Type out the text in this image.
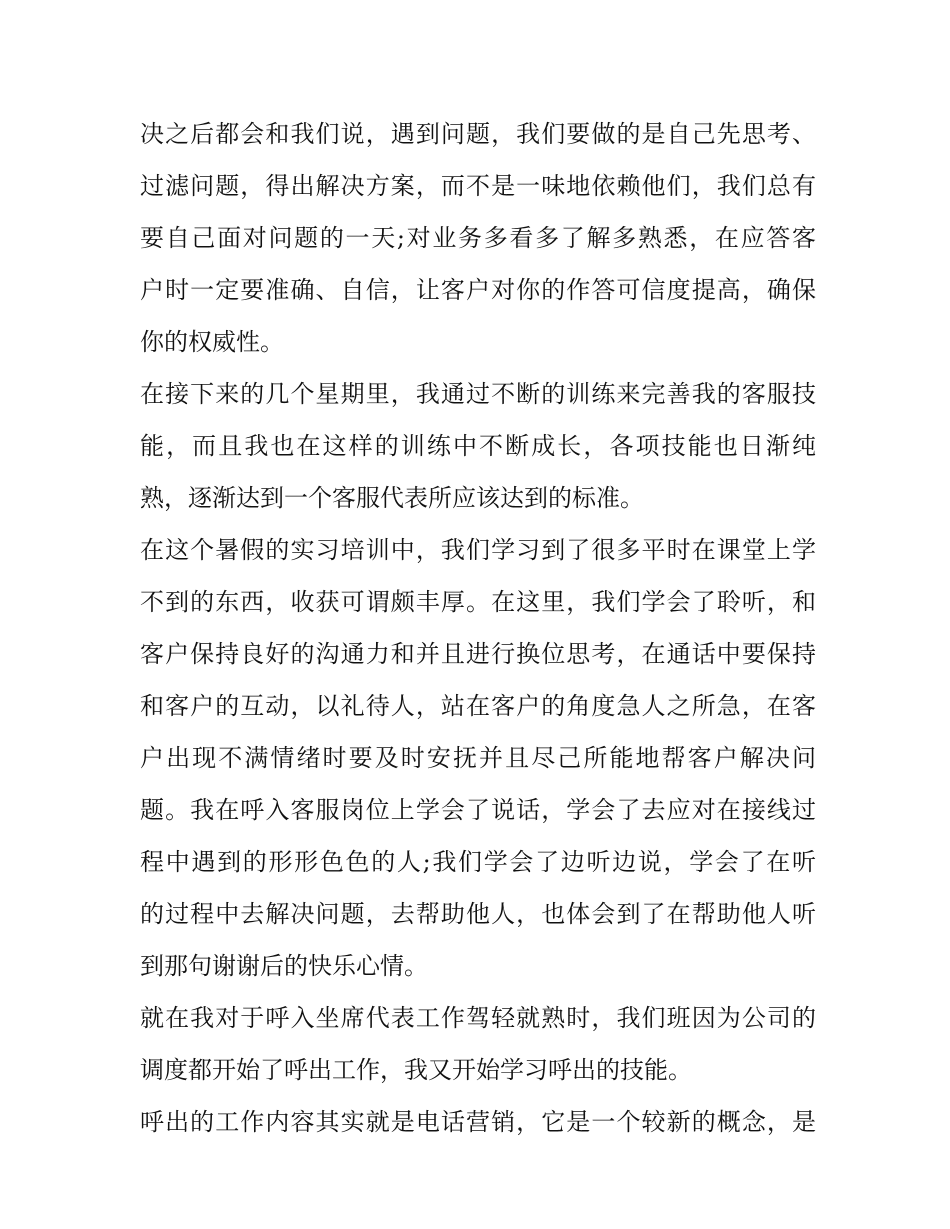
决之后都会和我们说，遇到问题，我们要做的是自己先思考、
过滤问题，得出解决方案，而不是一味地依赖他们，我们总有
要自己面对问题的一天;对业务多看多了解多熟悉，在应答客
户时一定要准确、自信，让客户对你的作答可信度提高，确保
你的权威性。
在接下来的几个星期里，我通过不断的训练来完善我的客服技
能，而且我也在这样的训练中不断成长，各项技能也日渐纯
熟，逐渐达到一个客服代表所应该达到的标准。
在这个暑假的实习培训中，我们学习到了很多平时在课堂上学
不到的东西，收获可谓颇丰厚。在这里，我们学会了聆听，和
客户保持良好的沟通力和并且进行换位思考，在通话中要保持
和客户的互动，以礼待人，站在客户的角度急人之所急，在客
户出现不满情绪时要及时安抚并且尽己所能地帮客户解决问
题。我在呼入客服岗位上学会了说话，学会了去应对在接线过
程中遇到的形形色色的人;我们学会了边听边说，学会了在听
的过程中去解决问题，去帮助他人，也体会到了在帮助他人听
到那句谢谢后的快乐心情。
就在我对于呼入坐席代表工作驾轻就熟时，我们班因为公司的
调度都开始了呼出工作，我又开始学习呼出的技能。
呼出的工作内容其实就是电话营销，它是一个较新的概念，是
